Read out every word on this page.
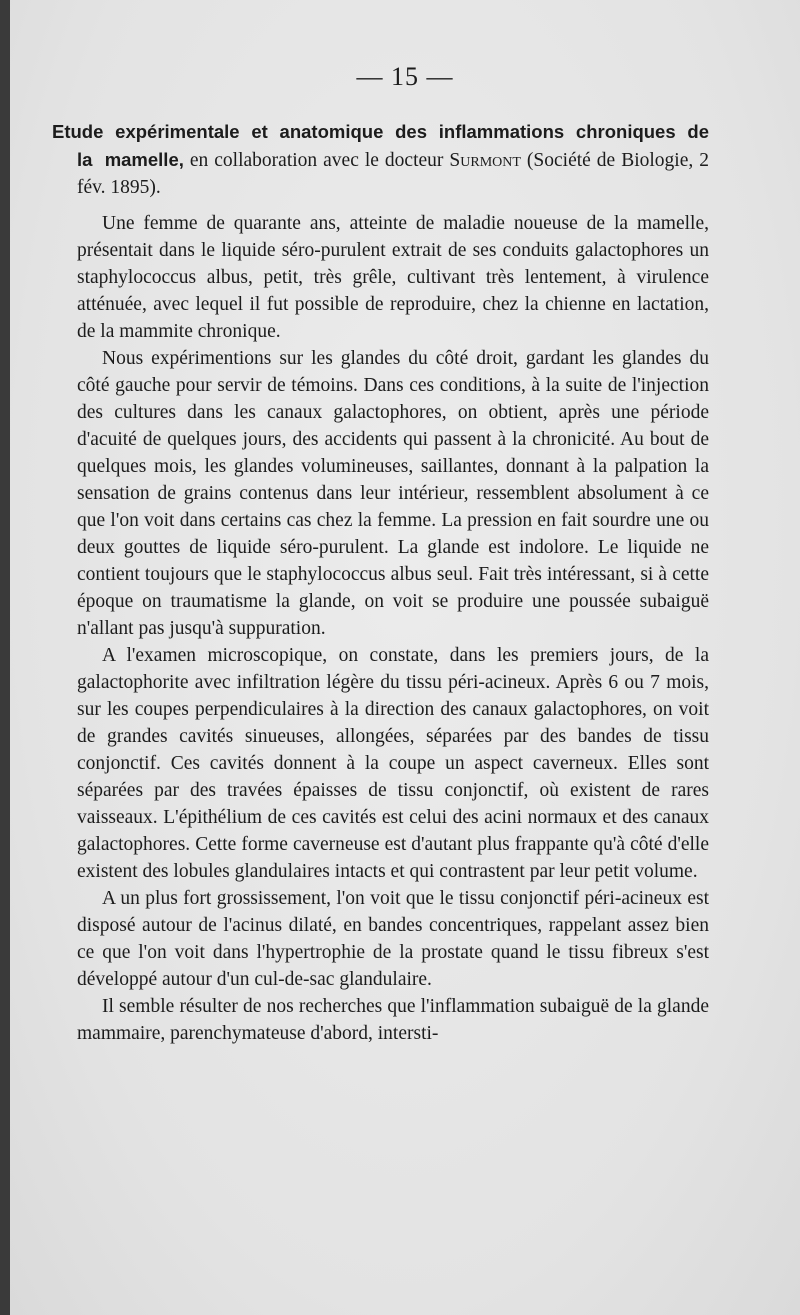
— 15 —
Etude expérimentale et anatomique des inflammations chroniques de la mamelle, en collaboration avec le docteur Surmont (Société de Biologie, 2 fév. 1895).

Une femme de quarante ans, atteinte de maladie noueuse de la mamelle, présentait dans le liquide séro-purulent extrait de ses conduits galactophores un staphylococcus albus, petit, très grêle, cultivant très lentement, à virulence atténuée, avec lequel il fut possible de reproduire, chez la chienne en lactation, de la mammite chronique.

Nous expérimentions sur les glandes du côté droit, gardant les glandes du côté gauche pour servir de témoins. Dans ces conditions, à la suite de l'injection des cultures dans les canaux galactophores, on obtient, après une période d'acuité de quelques jours, des accidents qui passent à la chronicité. Au bout de quelques mois, les glandes volumineuses, saillantes, donnant à la palpation la sensation de grains contenus dans leur intérieur, ressemblent absolument à ce que l'on voit dans certains cas chez la femme. La pression en fait sourdre une ou deux gouttes de liquide séro-purulent. La glande est indolore. Le liquide ne contient toujours que le staphylococcus albus seul. Fait très intéressant, si à cette époque on traumatisme la glande, on voit se produire une poussée subaiguë n'allant pas jusqu'à suppuration.

A l'examen microscopique, on constate, dans les premiers jours, de la galactophorite avec infiltration légère du tissu péri-acineux. Après 6 ou 7 mois, sur les coupes perpendiculaires à la direction des canaux galactophores, on voit de grandes cavités sinueuses, allongées, séparées par des bandes de tissu conjonctif. Ces cavités donnent à la coupe un aspect caverneux. Elles sont séparées par des travées épaisses de tissu conjonctif, où existent de rares vaisseaux. L'épithélium de ces cavités est celui des acini normaux et des canaux galactophores. Cette forme caverneuse est d'autant plus frappante qu'à côté d'elle existent des lobules glandulaires intacts et qui contrastent par leur petit volume.

A un plus fort grossissement, l'on voit que le tissu conjonctif péri-acineux est disposé autour de l'acinus dilaté, en bandes concentriques, rappelant assez bien ce que l'on voit dans l'hypertrophie de la prostate quand le tissu fibreux s'est développé autour d'un cul-de-sac glandulaire.

Il semble résulter de nos recherches que l'inflammation subaiguë de la glande mammaire, parenchymateuse d'abord, intersti-
